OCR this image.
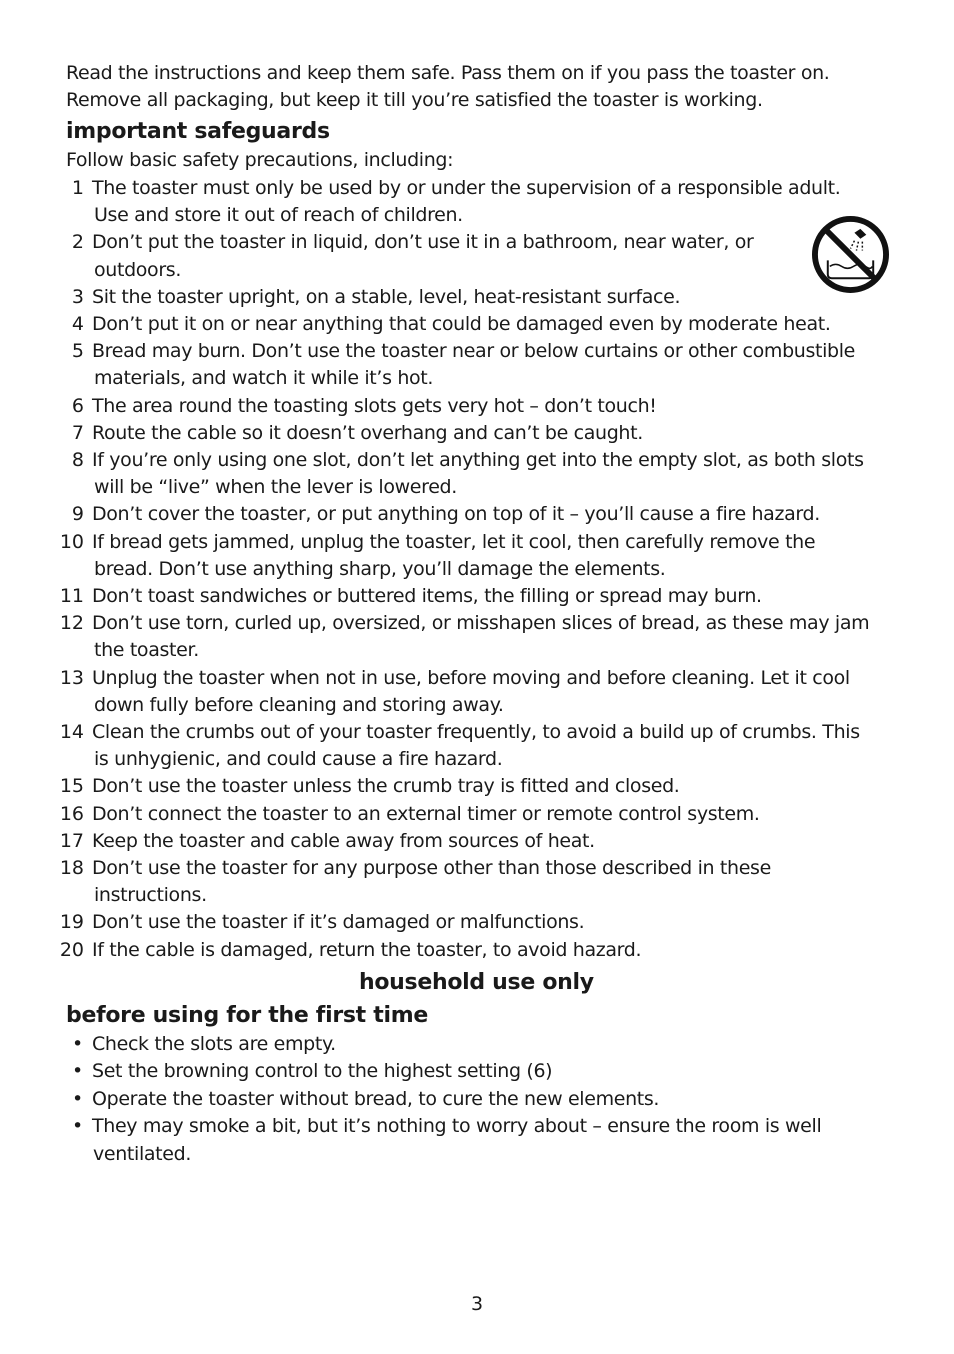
Read the instructions and keep them safe. Pass them on if you pass the toaster on.
Remove all packaging, but keep it till you’re satisfied the toaster is working.
important safeguards
Follow basic safety precautions, including:
1 The toaster must only be used by or under the supervision of a responsible adult.
Use and store it out of reach of children.
2 Don’t put the toaster in liquid, don’t use it in a bathroom, near water, or
outdoors.
3 Sit the toaster upright, on a stable, level, heat-resistant surface.
4 Don’t put it on or near anything that could be damaged even by moderate heat.
5 Bread may burn. Don’t use the toaster near or below curtains or other combustible
materials, and watch it while it’s hot.
6 The area round the toasting slots gets very hot – don’t touch!
7 Route the cable so it doesn’t overhang and can’t be caught.
8 If you’re only using one slot, don’t let anything get into the empty slot, as both slots
will be “live” when the lever is lowered.
9 Don’t cover the toaster, or put anything on top of it – you’ll cause a fire hazard.
10 If bread gets jammed, unplug the toaster, let it cool, then carefully remove the
bread. Don’t use anything sharp, you’ll damage the elements.
11 Don’t toast sandwiches or buttered items, the filling or spread may burn.
12 Don’t use torn, curled up, oversized, or misshapen slices of bread, as these may jam
the toaster.
13 Unplug the toaster when not in use, before moving and before cleaning. Let it cool
down fully before cleaning and storing away.
14 Clean the crumbs out of your toaster frequently, to avoid a build up of crumbs. This
is unhygienic, and could cause a fire hazard.
15 Don’t use the toaster unless the crumb tray is fitted and closed.
16 Don’t connect the toaster to an external timer or remote control system.
17 Keep the toaster and cable away from sources of heat.
18 Don’t use the toaster for any purpose other than those described in these
instructions.
19 Don’t use the toaster if it’s damaged or malfunctions.
20 If the cable is damaged, return the toaster, to avoid hazard.
household use only
before using for the first time
• Check the slots are empty.
• Set the browning control to the highest setting (6)
• Operate the toaster without bread, to cure the new elements.
• They may smoke a bit, but it’s nothing to worry about – ensure the room is well
ventilated.
3
